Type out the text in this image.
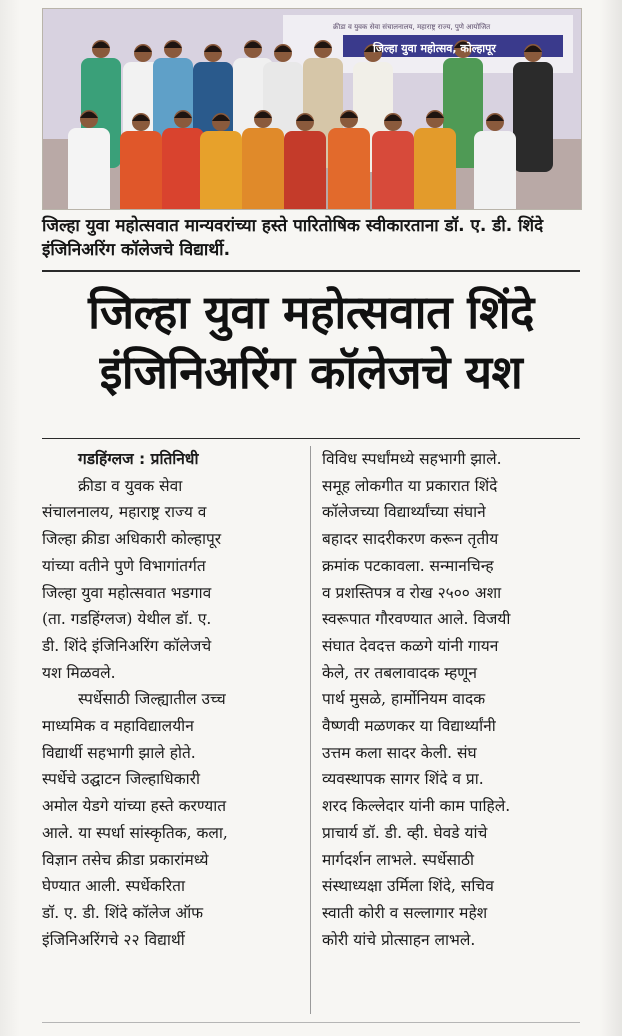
क्रीडा व युवक सेवा संचालनालय, महाराष्ट्र राज्य, पुणे आयोजित
जिल्हा युवा महोत्सव, कोल्हापूर
जिल्हा युवा महोत्सवात मान्यवरांच्या हस्ते पारितोषिक स्वीकारताना डॉ. ए. डी. शिंदे इंजिनिअरिंग कॉलेजचे विद्यार्थी.
जिल्हा युवा महोत्सवात शिंदे
इंजिनिअरिंग कॉलेजचे यश
गडहिंग्लज : प्रतिनिधी
क्रीडा व युवक सेवा
संचालनालय, महाराष्ट्र राज्य व
जिल्हा क्रीडा अधिकारी कोल्हापूर
यांच्या वतीने पुणे विभागांतर्गत
जिल्हा युवा महोत्सवात भडगाव
(ता. गडहिंग्लज) येथील डॉ. ए.
डी. शिंदे इंजिनिअरिंग कॉलेजचे
यश मिळवले.
स्पर्धेसाठी जिल्ह्यातील उच्च
माध्यमिक व महाविद्यालयीन
विद्यार्थी सहभागी झाले होते.
स्पर्धेचे उद्घाटन जिल्हाधिकारी
अमोल येडगे यांच्या हस्ते करण्यात
आले. या स्पर्धा सांस्कृतिक, कला,
विज्ञान तसेच क्रीडा प्रकारांमध्ये
घेण्यात आली. स्पर्धेकरिता
डॉ. ए. डी. शिंदे कॉलेज ऑफ
इंजिनिअरिंगचे २२ विद्यार्थी
विविध स्पर्धांमध्ये सहभागी झाले.
समूह लोकगीत या प्रकारात शिंदे
कॉलेजच्या विद्यार्थ्यांच्या संघाने
बहादर सादरीकरण करून तृतीय
क्रमांक पटकावला. सन्मानचिन्ह
व प्रशस्तिपत्र व रोख २५०० अशा
स्वरूपात गौरवण्यात आले. विजयी
संघात देवदत्त कळगे यांनी गायन
केले, तर तबलावादक म्हणून
पार्थ मुसळे, हार्मोनियम वादक
वैष्णवी मळणकर या विद्यार्थ्यांनी
उत्तम कला सादर केली. संघ
व्यवस्थापक सागर शिंदे व प्रा.
शरद किल्लेदार यांनी काम पाहिले.
प्राचार्य डॉ. डी. व्ही. घेवडे यांचे
मार्गदर्शन लाभले. स्पर्धेसाठी
संस्थाध्यक्षा उर्मिला शिंदे, सचिव
स्वाती कोरी व सल्लागार महेश
कोरी यांचे प्रोत्साहन लाभले.
